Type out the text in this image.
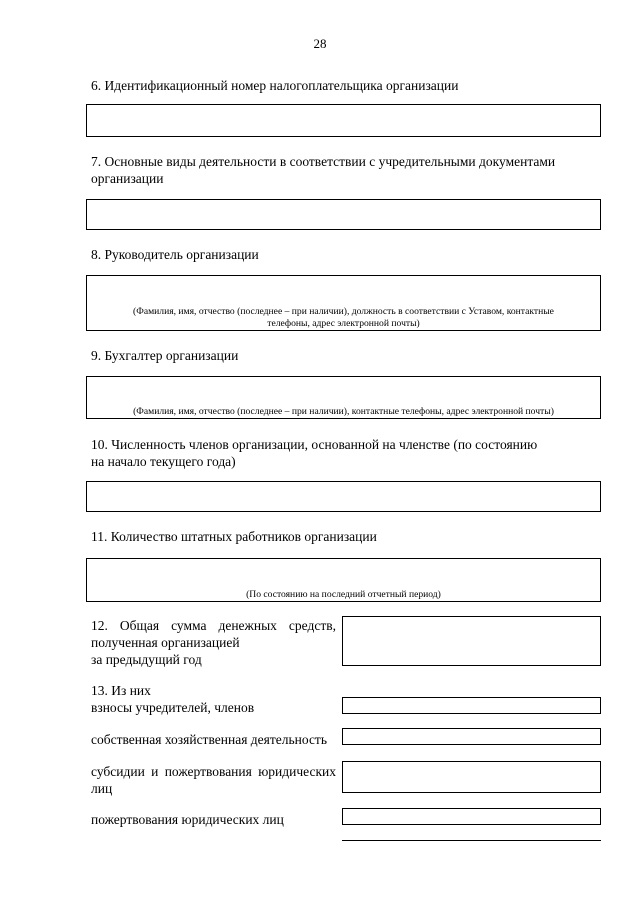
28
6. Идентификационный номер налогоплательщика организации
7. Основные виды деятельности в соответствии с учредительными документами
организации
8. Руководитель организации
(Фамилия, имя, отчество (последнее – при наличии), должность в соответствии с Уставом, контактные
телефоны, адрес электронной почты)
9. Бухгалтер организации
(Фамилия, имя, отчество (последнее – при наличии), контактные телефоны, адрес электронной почты)
10. Численность членов организации, основанной на членстве (по состоянию
на начало текущего года)
11. Количество штатных работников организации
(По состоянию на последний отчетный период)
12. Общая сумма денежных средств,
полученная организацией
за предыдущий год
13. Из них
взносы учредителей, членов
собственная хозяйственная деятельность
субсидии и пожертвования юридических
лиц
пожертвования юридических лиц
